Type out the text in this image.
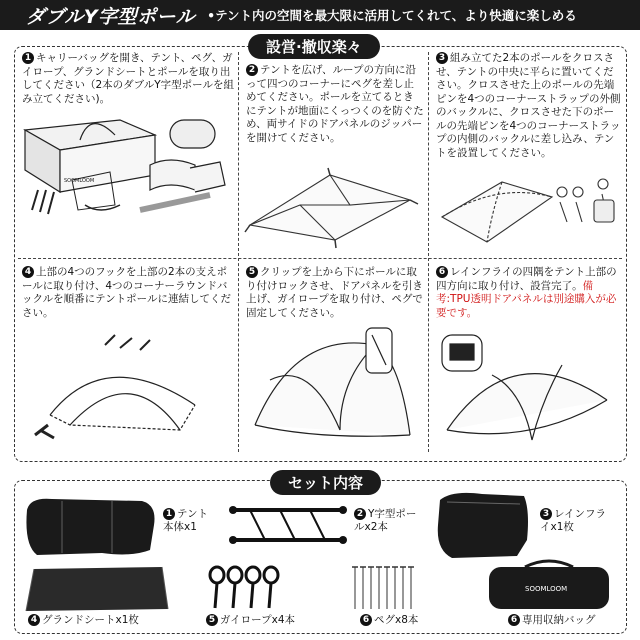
ダブルY字型ポール •テント内の空間を最大限に活用してくれて、より快適に楽しめる
設営·撤収楽々
1 キャリーバッグを開き、テント、ペグ、ガイロープ、グランドシートとポールを取り出してください（2本のダブルY字型ポールを組み立てください)。
SOOMLOOM
2 テントを広げ、ループの方向に沿って四つのコーナーにペグを差し止めてください。ポールを立てるときにテントが地面にくっつくのを防ぐため、両サイドのドアパネルのジッパーを開けてください。
3 組み立てた2本のポールをクロスさせ、テントの中央に平らに置いてください。クロスさせた上のポールの先端ピンを4つのコーナーストラップの外側のバックルに、クロスさせた下のポールの先端ピンを4つのコーナーストラップの内側のバックルに差し込み、テントを設置してください。
4 上部の4つのフックを上部の2本の支えポールに取り付け、4つのコーナーラウンドバックルを順番にテントポールに連結してください。
5 クリップを上から下にポールに取り付けロックさせ、ドアパネルを引き上げ、ガイロープを取り付け、ペグで固定してください。
6 レインフライの四隅をテント上部の四方向に取り付け、設営完了。備考:TPU透明ドアパネルは別途購入が必要です。
セット内容
1 テント本体x1
2 Y字型ポールx2本
3 レインフライx1枚
4 グランドシートx1枚	5 ガイロープx4本	6 ペグx8本
SOOMLOOM
6 専用収納バッグ
